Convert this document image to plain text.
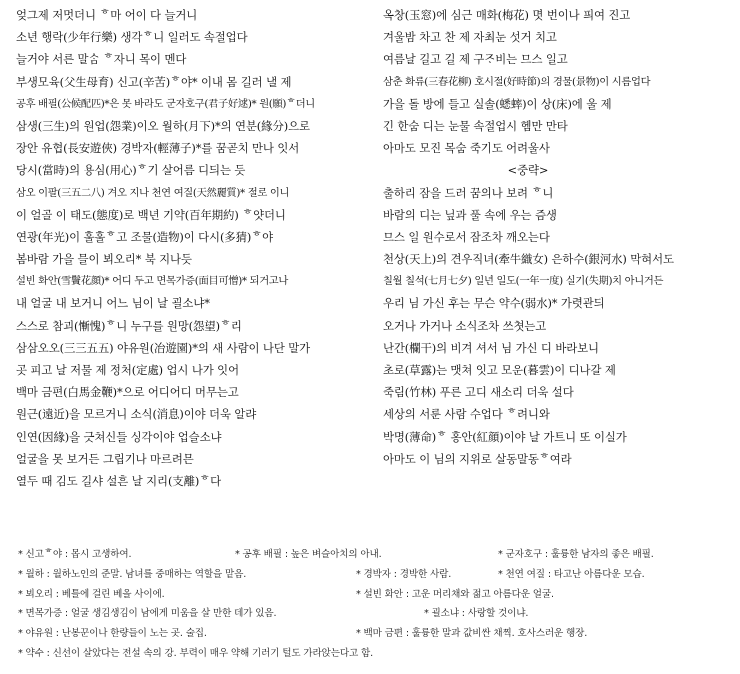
엊그제 저멋더니 ᄒ마 어이 다 늘거니
소년 행락(少年行樂) 생각ᄒ니 일러도 속절업다
늘거야 서른 말ᄉᆞᆷ ᄒ자니 목이 멘다
부생모육(父生母育) 신고(辛苦)ᄒ야* 이내 몸 길러 낼 제
공후 배필(公候配匹)*은 못 바라도 군자호구(君子好逑)* 원(願)ᄒ더니
삼생(三生)의 원업(怨業)이오 월하(月下)*의 연분(緣分)으로
장안 유협(長安遊俠) 경박자(輕薄子)*를 꿈곧치 만나 잇서
당시(當時)의 용심(用心)ᄒ기 살어름 디듸는 듯
삼오 이팔(三五二八) 겨오 지나 천연 여질(天然麗質)* 절로 이니
이 얼골 이 태도(態度)로 백년 기약(百年期約) ᄒ얏더니
연광(年光)이 훌훌ᄒ고 조물(造物)이 다시(多猜)ᄒ야
봄바람 가을 믈이 뵈오리* 북 지나듯
설빈 화안(雪鬢花顔)* 어디 두고 면목가증(面目可憎)* 되거고나
내 얼굴 내 보거니 어느 님이 날 괼소냐*
스스로 참괴(慚愧)ᄒ니 누구를 원망(怨望)ᄒ리
삼삼오오(三三五五) 야유원(冶遊園)*의 새 사람이 나단 말가
곳 피고 날 저물 제 정처(定處) 업시 나가 잇어
백마 금편(白馬金鞭)*으로 어디어디 머무는고
원근(遠近)을 모르거니 소식(消息)이야 더욱 알랴
인연(因緣)을 긋쳐신들 싱각이야 업슬소냐
얼굴을 못 보거든 그립기나 마르려믄
열두 때 김도 길샤 설흔 날 지리(支離)ᄒ다
옥창(玉窓)에 심근 매화(梅花) 몃 번이나 픠여 진고
겨울밤 차고 찬 제 자최눈 섯거 치고
여름날 길고 길 제 구ᄌᆞ비는 므스 일고
삼춘 화류(三春花柳) 호시절(好時節)의 경물(景物)이 시름업다
가을 돌 방에 들고 실솔(蟋蟀)이 상(床)에 울 제
긴 한숨 디는 눈물 속절업시 헴만 만타
아마도 모진 목숨 죽기도 어려울사
<중략>
출하리 잠을 드러 꿈의나 보려 ᄒ니
바람의 디는 닢과 풀 속에 우는 즘생
므스 일 원수로서 잠조차 깨오는다
천상(天上)의 견우직녀(牽牛織女) 은하수(銀河水) 막혀서도
칠월 칠석(七月七夕) 일년 일도(一年一度) 실기(失期)치 아니거든
우리 님 가신 후는 무슨 약수(弱水)* 가렷관듸
오거나 가거나 소식조차 쓰쳣는고
난간(欄干)의 비겨 셔서 님 가신 디 바라보니
초로(草露)는 맷쳐 잇고 모운(暮雲)이 디나갈 제
죽림(竹林) 푸른 고디 새소리 더욱 설다
세상의 서룬 사람 수업다 ᄒ려니와
박명(薄命)ᄒ 홍안(紅顔)이야 날 가트니 또 이실가
아마도 이 님의 지위로 살동말동ᄒ여라
* 신고ᄒ야 : 몹시 고생하여.	* 공후 배필 : 높은 벼슬아치의 아내.	* 군자호구 : 훌륭한 남자의 좋은 배필.
* 월하 : 월하노인의 준말. 남녀를 중매하는 역할을 맡음.	* 경박자 : 경박한 사람.	* 천연 여질 : 타고난 아름다운 모습.
* 뵈오리 : 베틀에 걸린 베올 사이에.	* 설빈 화안 : 고운 머리채와 젊고 아름다운 얼굴.
* 면목가증 : 얼굴 생김생김이 남에게 미움을 살 만한 데가 있음.	* 괼소냐 : 사랑할 것이냐.
* 야유원 : 난봉꾼이나 한량들이 노는 곳. 술집.	* 백마 금편 : 훌륭한 말과 값비싼 채찍. 호사스러운 행장.
* 약수 : 신선이 살았다는 전설 속의 강. 부력이 매우 약해 기러기 털도 가라앉는다고 함.
